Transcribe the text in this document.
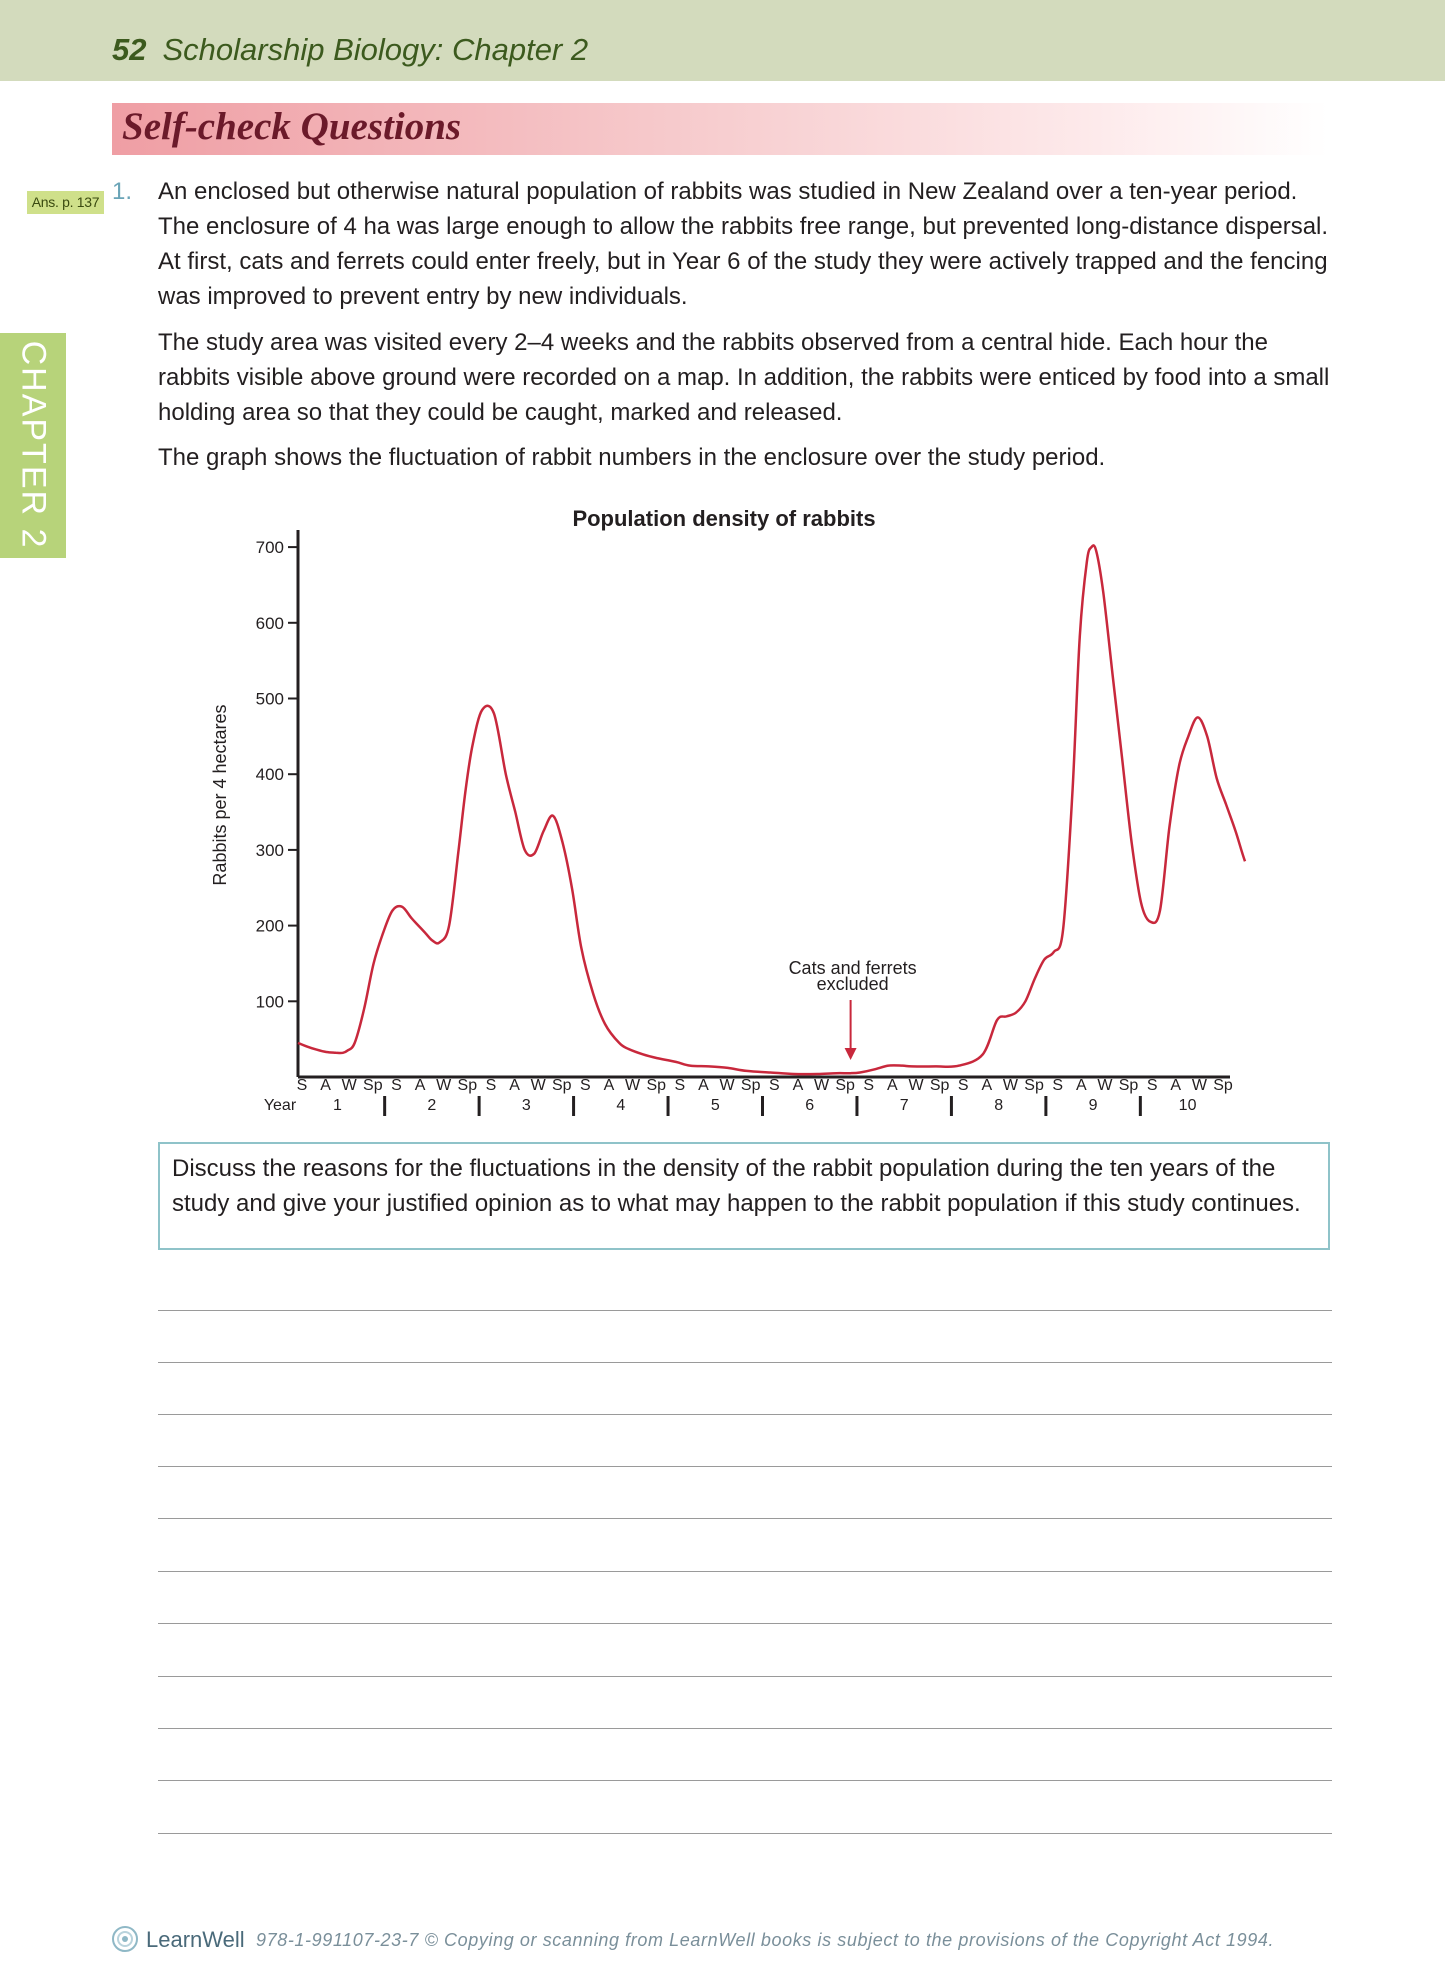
52 Scholarship Biology: Chapter 2
Self-check Questions
Ans. p. 137
CHAPTER 2
1. An enclosed but otherwise natural population of rabbits was studied in New Zealand over a ten-year period. The enclosure of 4 ha was large enough to allow the rabbits free range, but prevented long-distance dispersal. At first, cats and ferrets could enter freely, but in Year 6 of the study they were actively trapped and the fencing was improved to prevent entry by new individuals.

The study area was visited every 2–4 weeks and the rabbits observed from a central hide. Each hour the rabbits visible above ground were recorded on a map. In addition, the rabbits were enticed by food into a small holding area so that they could be caught, marked and released.

The graph shows the fluctuation of rabbit numbers in the enclosure over the study period.

Population density of rabbits
Rabbits per 4 hectares
100
200
300
400
500
600
700
S A W Sp S A W Sp S A W Sp S A W Sp S A W Sp S A W Sp S A W Sp S A W Sp S A W Sp S A W Sp
Year 1	2	3	4	5	6	7	8	9	10
Cats and ferrets
excluded
Discuss the reasons for the fluctuations in the density of the rabbit population during the ten years of the study and give your justified opinion as to what may happen to the rabbit population if this study continues.
LearnWell 978-1-991107-23-7 © Copying or scanning from LearnWell books is subject to the provisions of the Copyright Act 1994.
